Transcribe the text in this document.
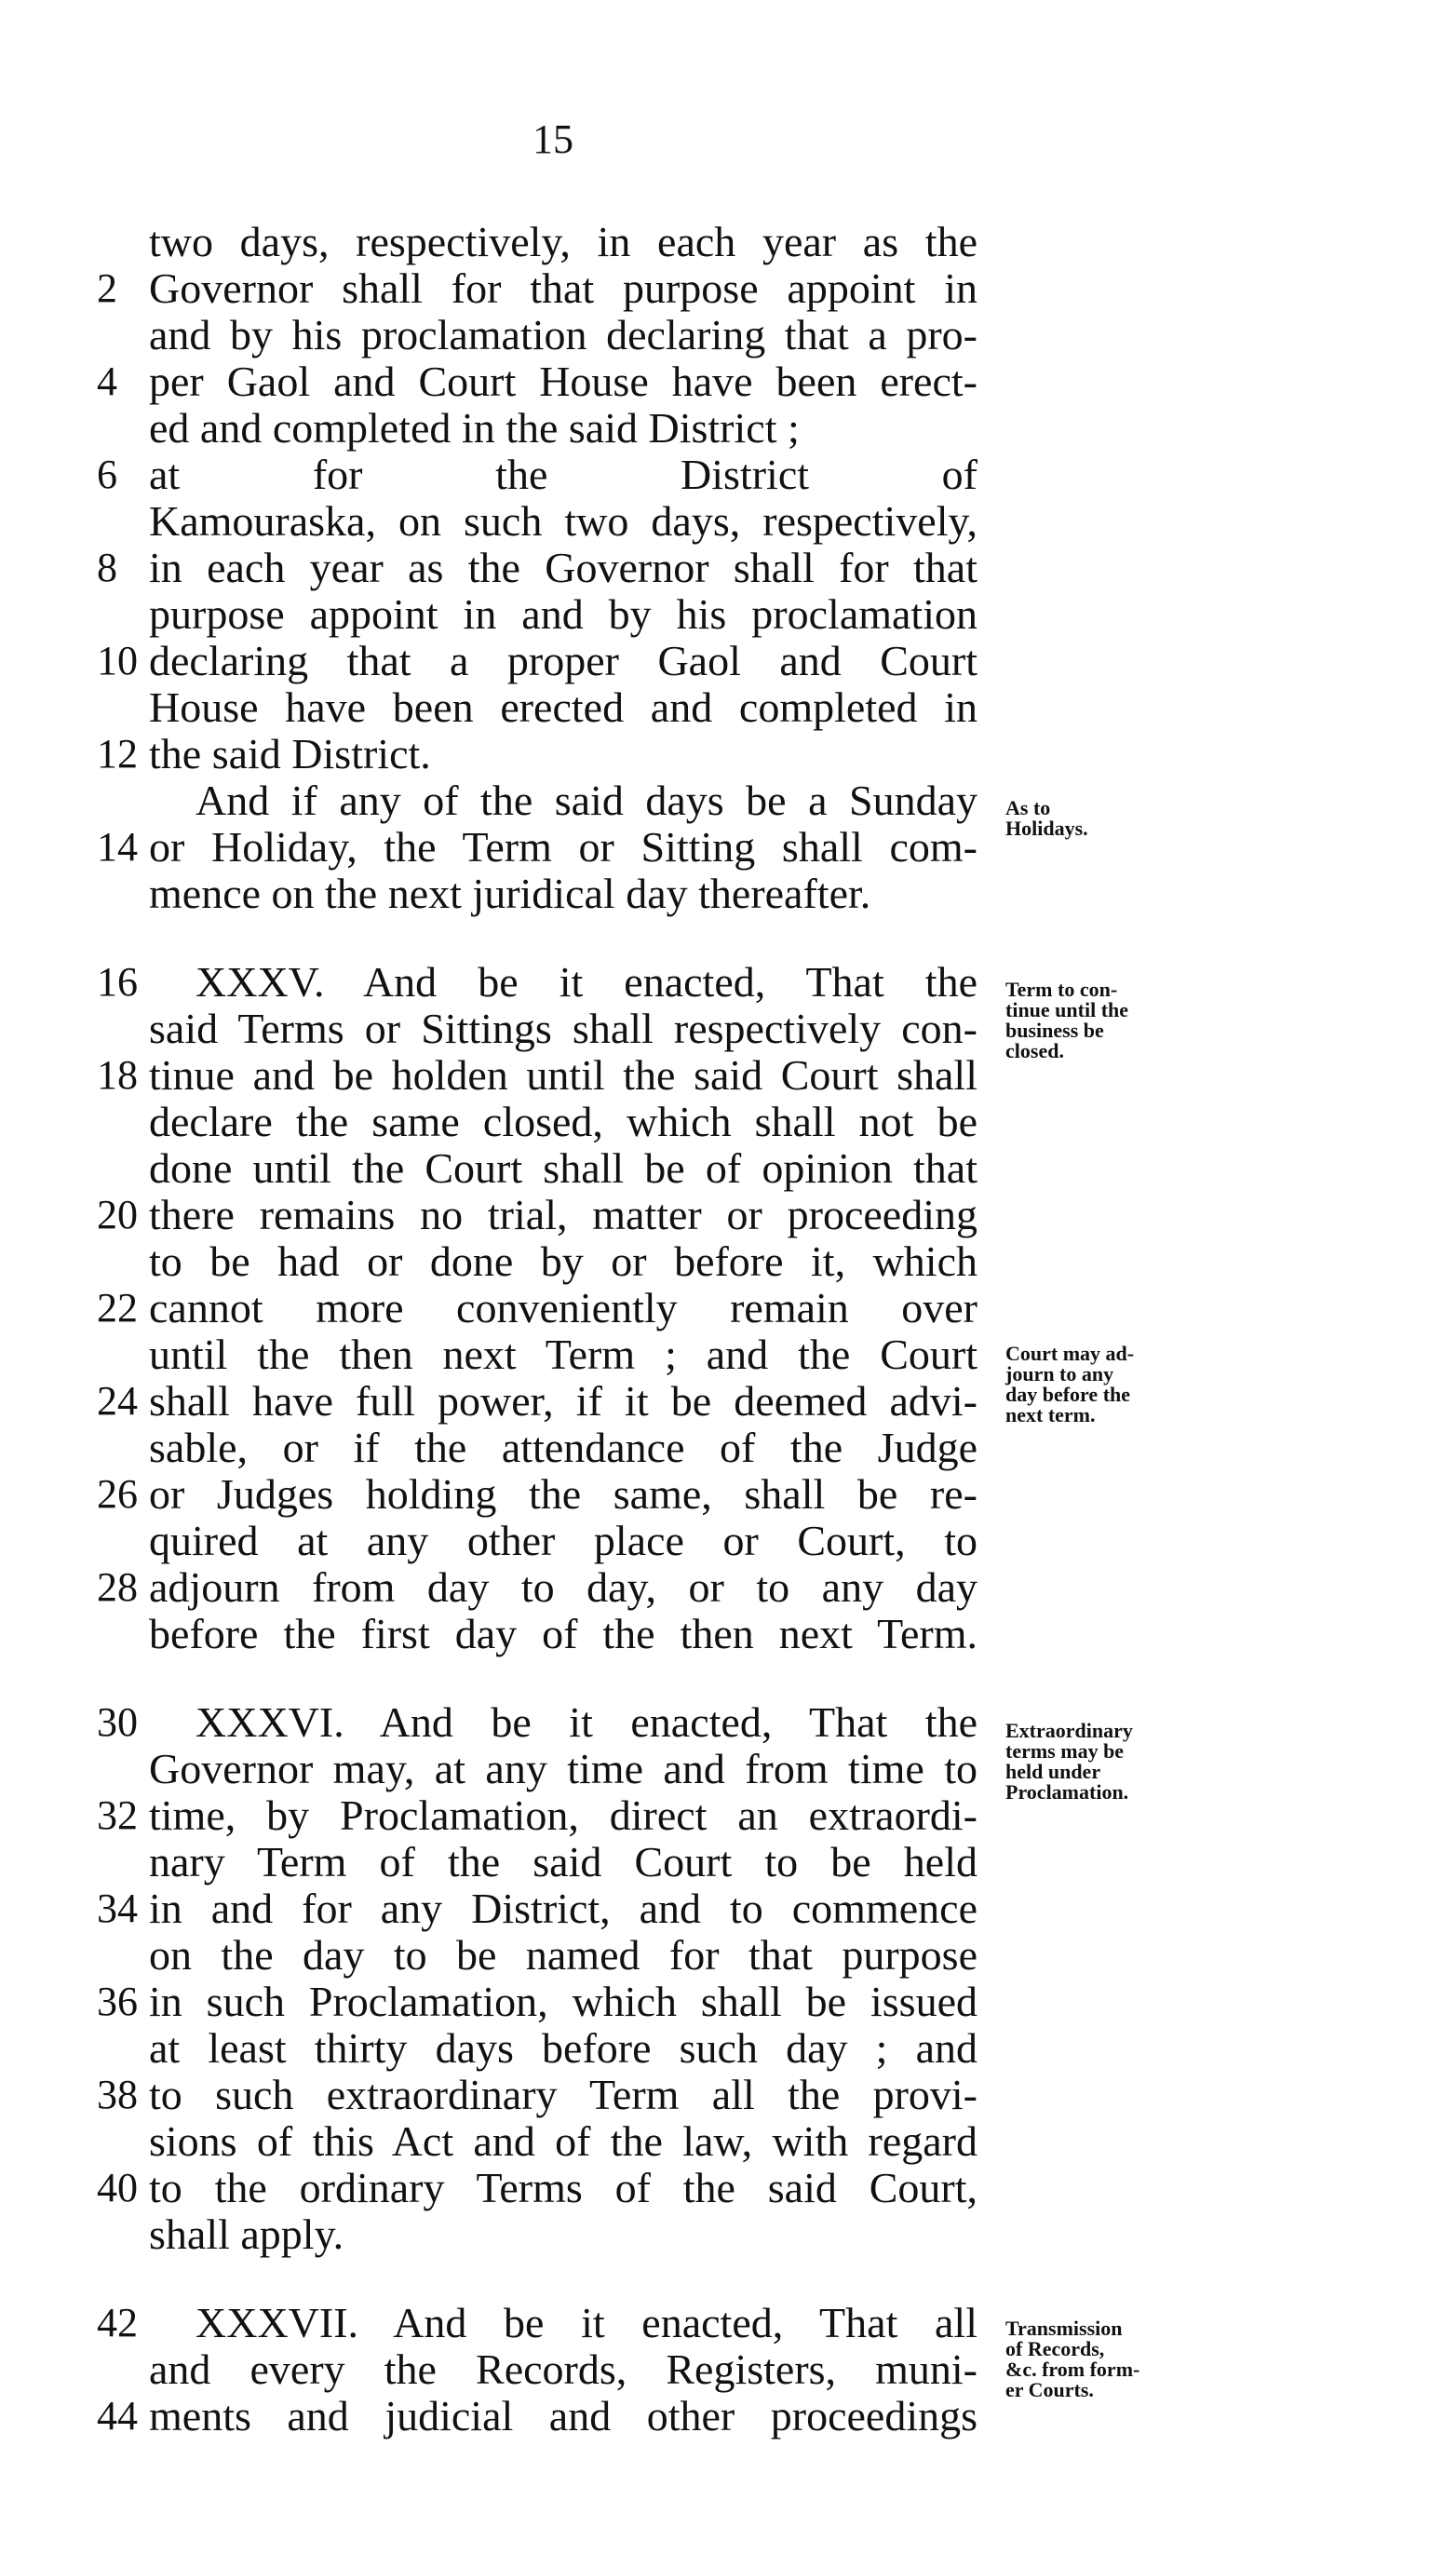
15
two days, respectively, in each year as the
2 Governor shall for that purpose appoint in
and by his proclamation declaring that a pro-
4 per Gaol and Court House have been erect-
ed and completed in the said District ;
6 at for the District of
Kamouraska, on such two days, respectively,
8 in each year as the Governor shall for that
purpose appoint in and by his proclamation
10 declaring that a proper Gaol and Court
House have been erected and completed in
12 the said District.
And if any of the said days be a Sunday
14 or Holiday, the Term or Sitting shall com-
mence on the next juridical day thereafter.
16 XXXV. And be it enacted, That the
said Terms or Sittings shall respectively con-
18 tinue and be holden until the said Court shall
declare the same closed, which shall not be
done until the Court shall be of opinion that
20 there remains no trial, matter or proceeding
to be had or done by or before it, which
22 cannot more conveniently remain over
until the then next Term ; and the Court
24 shall have full power, if it be deemed advi-
sable, or if the attendance of the Judge
26 or Judges holding the same, shall be re-
quired at any other place or Court, to
28 adjourn from day to day, or to any day
before the first day of the then next Term.
30 XXXVI. And be it enacted, That the
Governor may, at any time and from time to
32 time, by Proclamation, direct an extraordi-
nary Term of the said Court to be held
34 in and for any District, and to commence
on the day to be named for that purpose
36 in such Proclamation, which shall be issued
at least thirty days before such day ; and
38 to such extraordinary Term all the provi-
sions of this Act and of the law, with regard
40 to the ordinary Terms of the said Court,
shall apply.
42 XXXVII. And be it enacted, That all
and every the Records, Registers, muni-
44 ments and judicial and other proceedings
As to
Holidays.
Term to con-
tinue until the
business be
closed.
Court may ad-
journ to any
day before the
next term.
Extraordinary
terms may be
held under
Proclamation.
Transmission
of Records,
&c. from form-
er Courts.
